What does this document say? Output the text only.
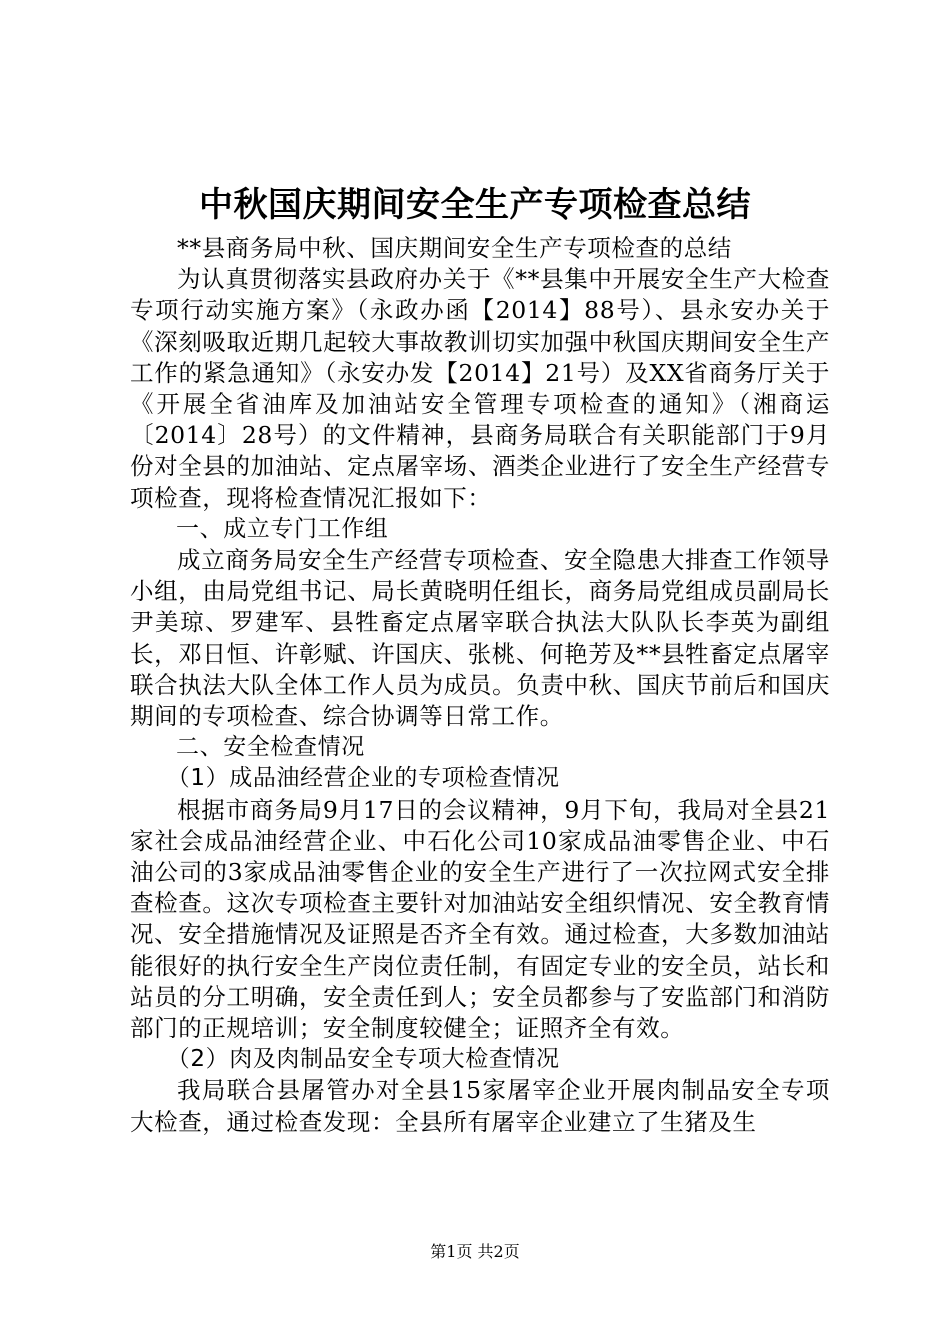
中秋国庆期间安全生产专项检查总结

**县商务局中秋、国庆期间安全生产专项检查的总结

为认真贯彻落实县政府办关于《**县集中开展安全生产大检查专项行动实施方案》（永政办函【2014】88号）、县永安办关于《深刻吸取近期几起较大事故教训切实加强中秋国庆期间安全生产工作的紧急通知》（永安办发【2014】21号）及XX省商务厅关于《开展全省油库及加油站安全管理专项检查的通知》（湘商运〔2014〕28号）的文件精神，县商务局联合有关职能部门于9月份对全县的加油站、定点屠宰场、酒类企业进行了安全生产经营专项检查，现将检查情况汇报如下：

一、成立专门工作组

成立商务局安全生产经营专项检查、安全隐患大排查工作领导小组，由局党组书记、局长黄晓明任组长，商务局党组成员副局长尹美琼、罗建军、县牲畜定点屠宰联合执法大队队长李英为副组长，邓日恒、许彰赋、许国庆、张桃、何艳芳及**县牲畜定点屠宰联合执法大队全体工作人员为成员。负责中秋、国庆节前后和国庆期间的专项检查、综合协调等日常工作。

二、安全检查情况

（1）成品油经营企业的专项检查情况

根据市商务局9月17日的会议精神，9月下旬，我局对全县21家社会成品油经营企业、中石化公司10家成品油零售企业、中石油公司的3家成品油零售企业的安全生产进行了一次拉网式安全排查检查。这次专项检查主要针对加油站安全组织情况、安全教育情况、安全措施情况及证照是否齐全有效。通过检查，大多数加油站能很好的执行安全生产岗位责任制，有固定专业的安全员，站长和站员的分工明确，安全责任到人；安全员都参与了安监部门和消防部门的正规培训；安全制度较健全；证照齐全有效。

（2）肉及肉制品安全专项大检查情况

我局联合县屠管办对全县15家屠宰企业开展肉制品安全专项大检查，通过检查发现：全县所有屠宰企业建立了生猪及生

第1页 共2页
